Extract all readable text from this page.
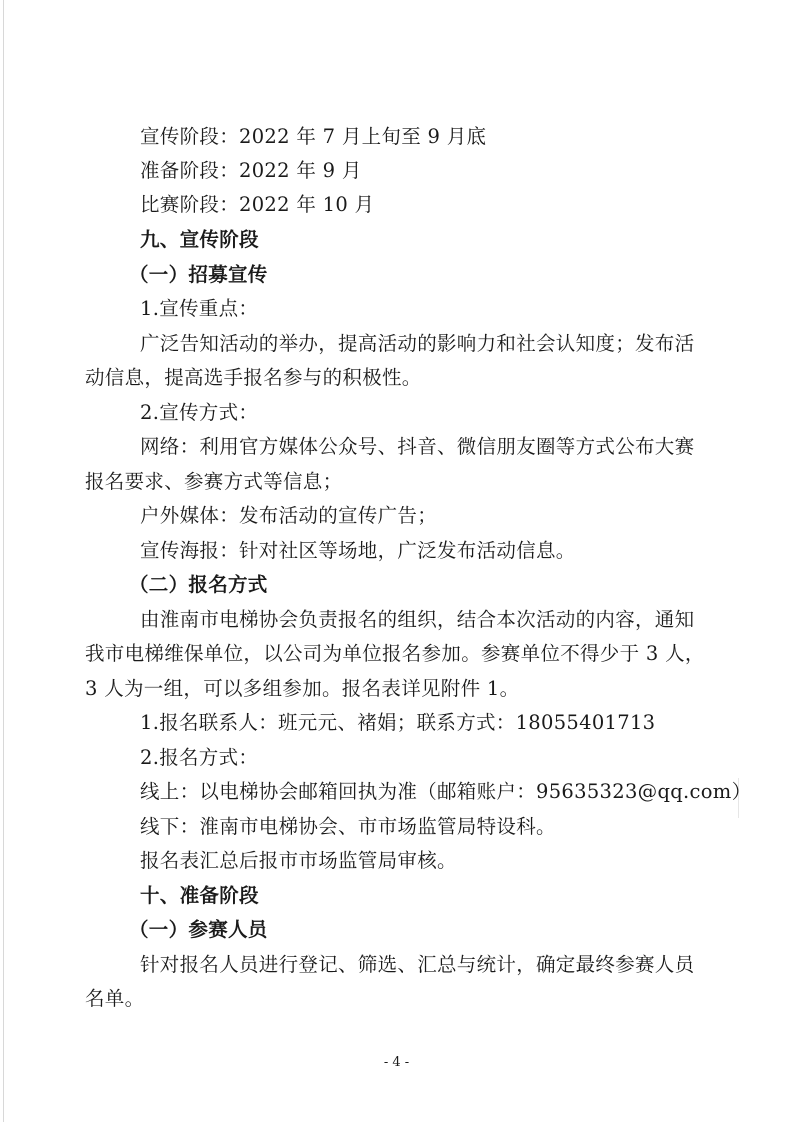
宣传阶段：2022 年 7 月上旬至 9 月底
准备阶段：2022 年 9 月
比赛阶段：2022 年 10 月
九、宣传阶段
（一）招募宣传
1.宣传重点：
广泛告知活动的举办，提高活动的影响力和社会认知度；发布活
动信息，提高选手报名参与的积极性。
2.宣传方式：
网络：利用官方媒体公众号、抖音、微信朋友圈等方式公布大赛
报名要求、参赛方式等信息；
户外媒体：发布活动的宣传广告；
宣传海报：针对社区等场地，广泛发布活动信息。
（二）报名方式
由淮南市电梯协会负责报名的组织，结合本次活动的内容，通知
我市电梯维保单位，以公司为单位报名参加。参赛单位不得少于 3 人，
3 人为一组，可以多组参加。报名表详见附件 1。
1.报名联系人：班元元、褚娟；联系方式：18055401713
2.报名方式：
线上：以电梯协会邮箱回执为准（邮箱账户：95635323@qq.com）
线下：淮南市电梯协会、市市场监管局特设科。
报名表汇总后报市市场监管局审核。
十、准备阶段
（一）参赛人员
针对报名人员进行登记、筛选、汇总与统计，确定最终参赛人员
名单。
- 4 -
